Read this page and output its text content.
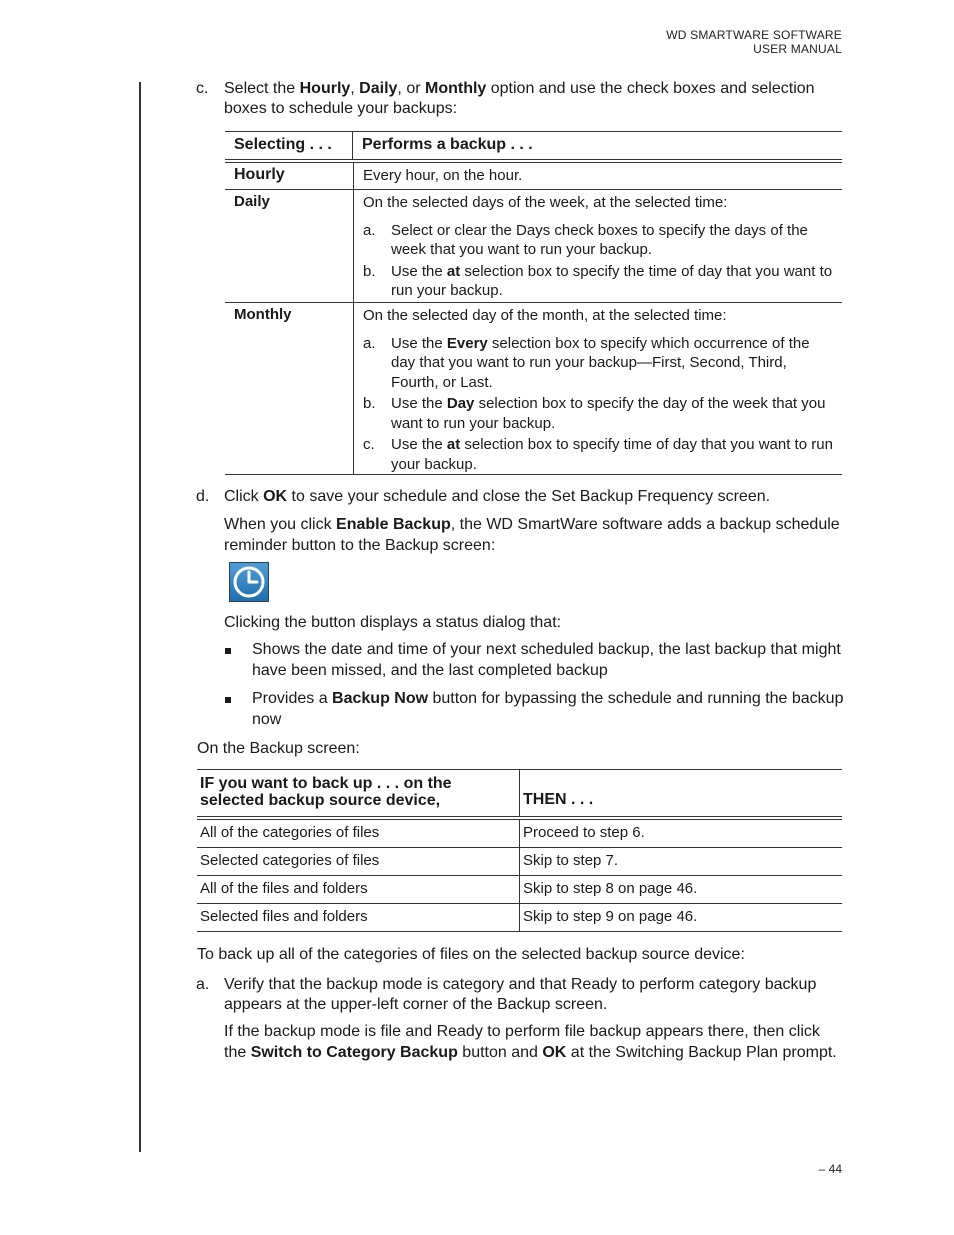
WD SMARTWARE SOFTWARE
USER MANUAL
c. Select the Hourly, Daily, or Monthly option and use the check boxes and selection boxes to schedule your backups:
Selecting . . .	Performs a backup . . .
Hourly	Every hour, on the hour.
Daily	On the selected days of the week, at the selected time:
a. Select or clear the Days check boxes to specify the days of the week that you want to run your backup.
b. Use the at selection box to specify the time of day that you want to run your backup.
Monthly	On the selected day of the month, at the selected time:
a. Use the Every selection box to specify which occurrence of the day that you want to run your backup—First, Second, Third, Fourth, or Last.
b. Use the Day selection box to specify the day of the week that you want to run your backup.
c. Use the at selection box to specify time of day that you want to run your backup.
d. Click OK to save your schedule and close the Set Backup Frequency screen.
When you click Enable Backup, the WD SmartWare software adds a backup schedule reminder button to the Backup screen:
Clicking the button displays a status dialog that:
Shows the date and time of your next scheduled backup, the last backup that might have been missed, and the last completed backup
Provides a Backup Now button for bypassing the schedule and running the backup now
On the Backup screen:
IF you want to back up . . . on the selected backup source device,	THEN . . .
All of the categories of files	Proceed to step 6.
Selected categories of files	Skip to step 7.
All of the files and folders	Skip to step 8 on page 46.
Selected files and folders	Skip to step 9 on page 46.
To back up all of the categories of files on the selected backup source device:
a. Verify that the backup mode is category and that Ready to perform category backup appears at the upper-left corner of the Backup screen.
If the backup mode is file and Ready to perform file backup appears there, then click the Switch to Category Backup button and OK at the Switching Backup Plan prompt.
– 44
